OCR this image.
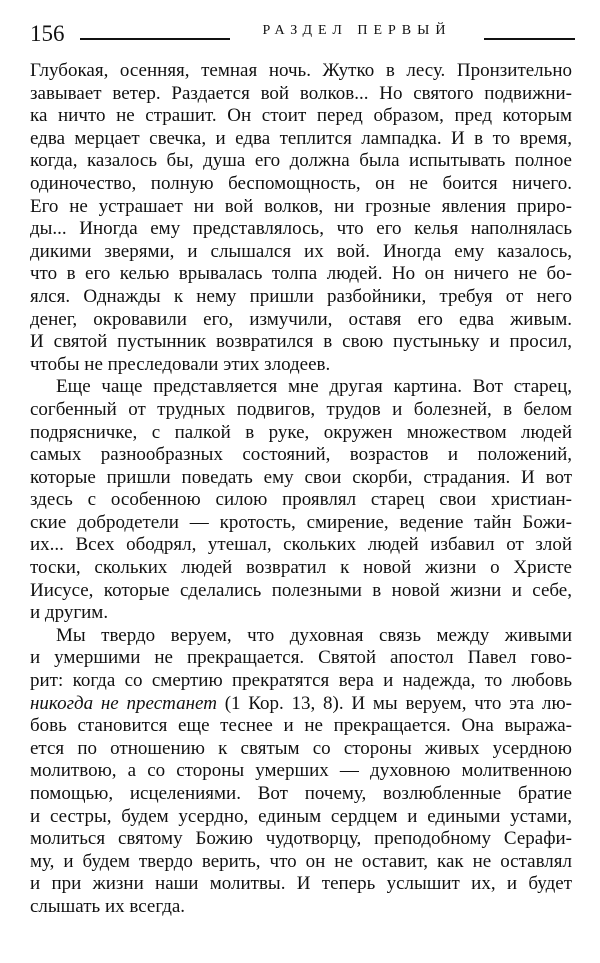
156	РАЗДЕЛ ПЕРВЫЙ
Глубокая, осенняя, темная ночь. Жутко в лесу. Пронзительно
завывает ветер. Раздается вой волков... Но святого подвижни-
ка ничто не страшит. Он стоит перед образом, пред которым
едва мерцает свечка, и едва теплится лампадка. И в то время,
когда, казалось бы, душа его должна была испытывать полное
одиночество, полную беспомощность, он не боится ничего.
Его не устрашает ни вой волков, ни грозные явления приро-
ды... Иногда ему представлялось, что его келья наполнялась
дикими зверями, и слышался их вой. Иногда ему казалось,
что в его келью врывалась толпа людей. Но он ничего не бо-
ялся. Однажды к нему пришли разбойники, требуя от него
денег, окровавили его, измучили, оставя его едва живым.
И святой пустынник возвратился в свою пустыньку и просил,
чтобы не преследовали этих злодеев.
Еще чаще представляется мне другая картина. Вот старец,
согбенный от трудных подвигов, трудов и болезней, в белом
подрясничке, с палкой в руке, окружен множеством людей
самых разнообразных состояний, возрастов и положений,
которые пришли поведать ему свои скорби, страдания. И вот
здесь с особенною силою проявлял старец свои христиан-
ские добродетели — кротость, смирение, ведение тайн Божи-
их... Всех ободрял, утешал, скольких людей избавил от злой
тоски, скольких людей возвратил к новой жизни о Христе
Иисусе, которые сделались полезными в новой жизни и себе,
и другим.
Мы твердо веруем, что духовная связь между живыми
и умершими не прекращается. Святой апостол Павел гово-
рит: когда со смертию прекратятся вера и надежда, то любовь
никогда не престанет (1 Кор. 13, 8). И мы веруем, что эта лю-
бовь становится еще теснее и не прекращается. Она выража-
ется по отношению к святым со стороны живых усердною
молитвою, а со стороны умерших — духовною молитвенною
помощью, исцелениями. Вот почему, возлюбленные братие
и сестры, будем усердно, единым сердцем и едиными устами,
молиться святому Божию чудотворцу, преподобному Серафи-
му, и будем твердо верить, что он не оставит, как не оставлял
и при жизни наши молитвы. И теперь услышит их, и будет
слышать их всегда.
